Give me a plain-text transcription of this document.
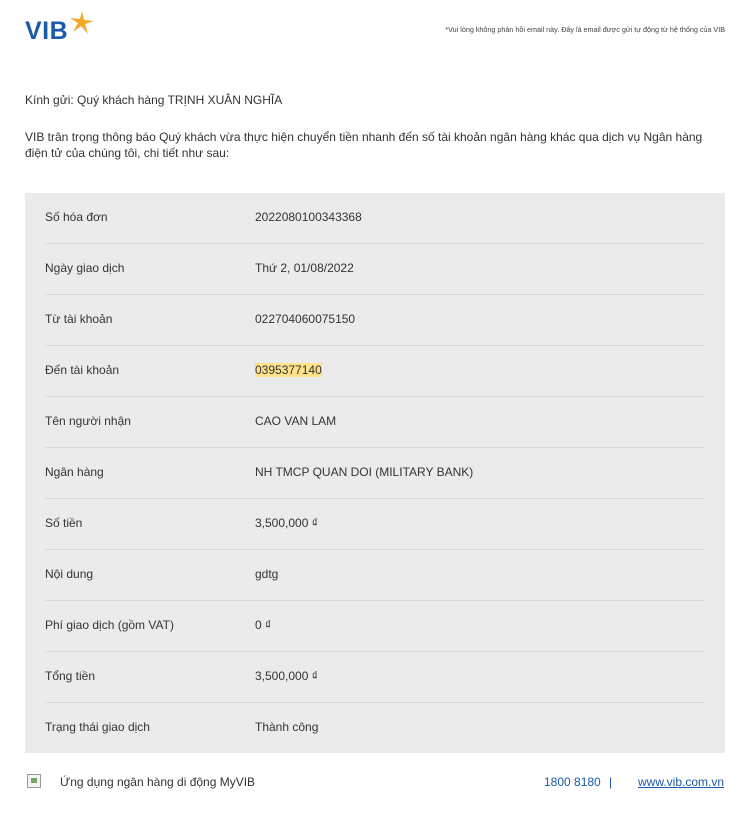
VIB	*Vui lòng không phản hồi email này. Đây là email được gửi tự động từ hệ thống của VIB
Kính gửi: Quý khách hàng TRỊNH XUÂN NGHĨA
VIB trân trọng thông báo Quý khách vừa thực hiện chuyển tiền nhanh đến số tài khoản ngân hàng khác qua dịch vụ Ngân hàng điện tử của chúng tôi, chi tiết như sau:
Số hóa đơn	2022080100343368
Ngày giao dịch	Thứ 2, 01/08/2022
Từ tài khoản	022704060075150
Đến tài khoản	0395377140
Tên người nhận	CAO VAN LAM
Ngân hàng	NH TMCP QUAN DOI (MILITARY BANK)
Số tiền	3,500,000 ₫
Nội dung	gdtg
Phí giao dịch (gồm VAT)	0 ₫
Tổng tiền	3,500,000 ₫
Trạng thái giao dịch	Thành công
Ứng dụng ngân hàng di động MyVIB	1800 8180 | www.vib.com.vn
